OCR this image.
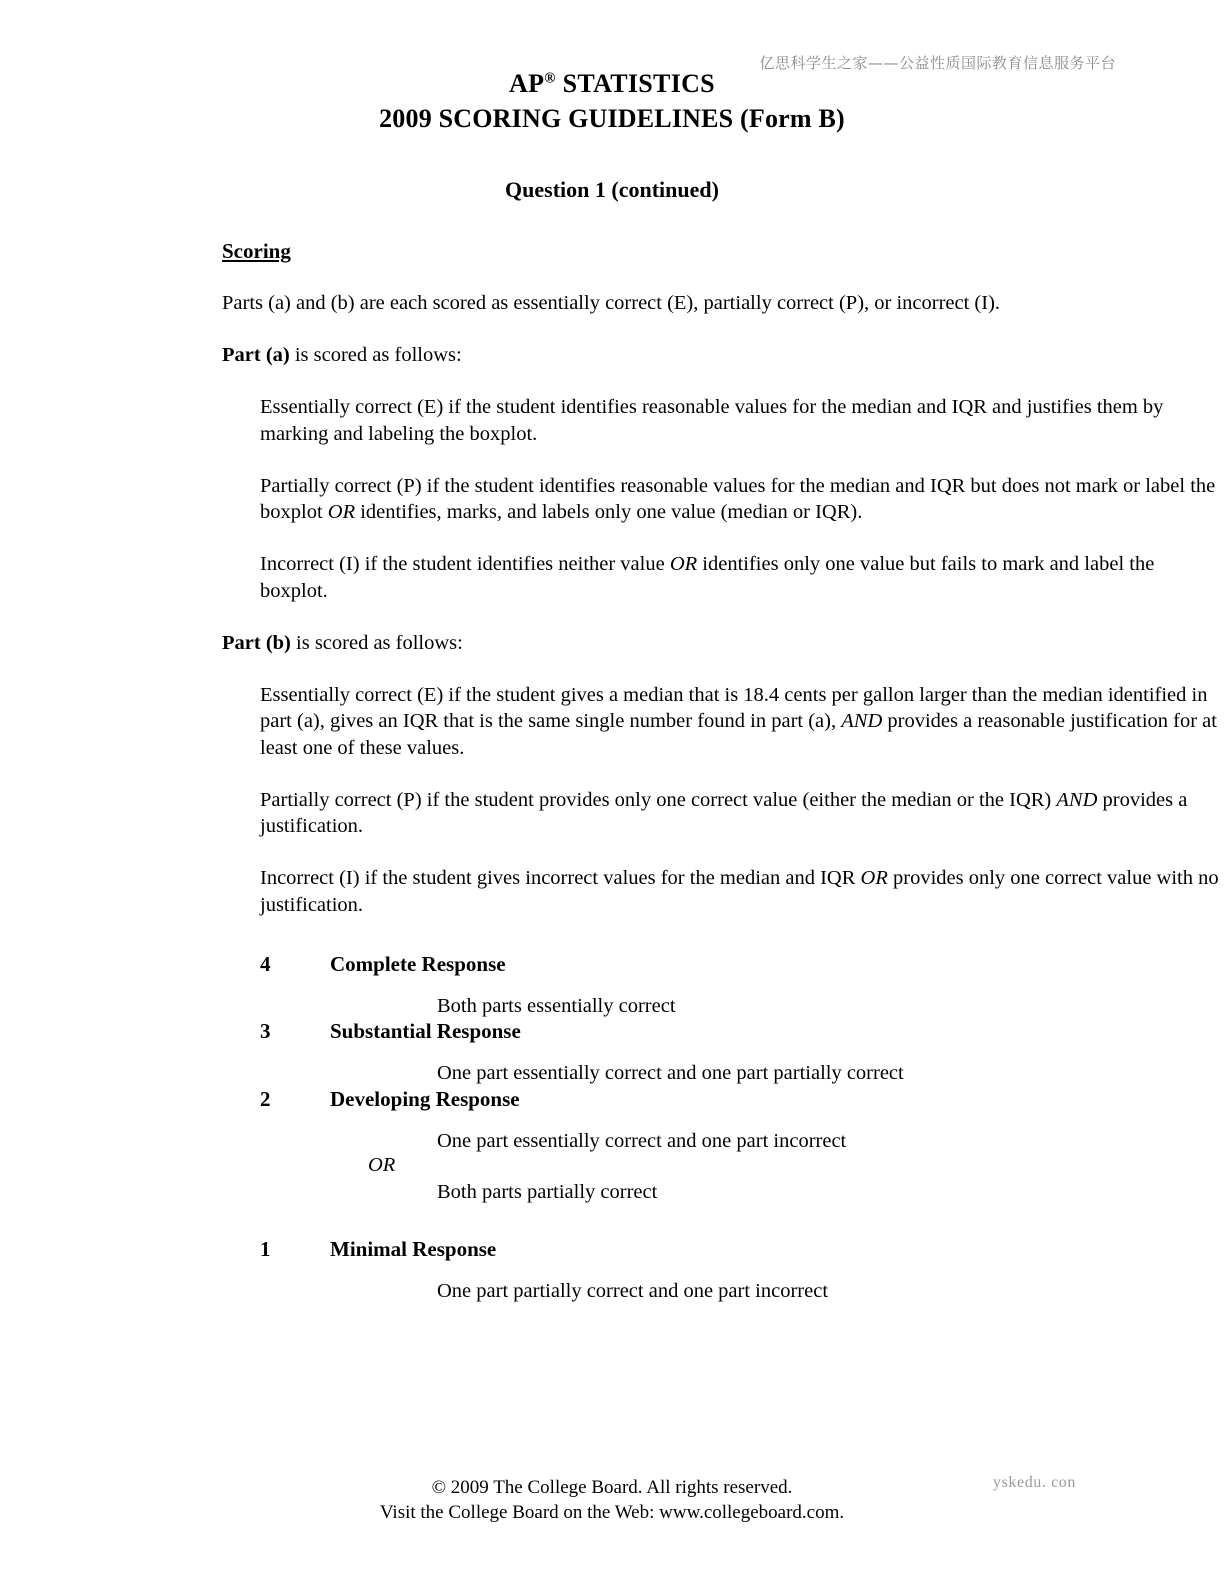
亿思科学生之家——公益性质国际教育信息服务平台
AP® STATISTICS
2009 SCORING GUIDELINES (Form B)
Question 1 (continued)
Scoring
Parts (a) and (b) are each scored as essentially correct (E), partially correct (P), or incorrect (I).
Part (a) is scored as follows:
Essentially correct (E) if the student identifies reasonable values for the median and IQR and justifies them by marking and labeling the boxplot.
Partially correct (P) if the student identifies reasonable values for the median and IQR but does not mark or label the boxplot OR identifies, marks, and labels only one value (median or IQR).
Incorrect (I) if the student identifies neither value OR identifies only one value but fails to mark and label the boxplot.
Part (b) is scored as follows:
Essentially correct (E) if the student gives a median that is 18.4 cents per gallon larger than the median identified in part (a), gives an IQR that is the same single number found in part (a), AND provides a reasonable justification for at least one of these values.
Partially correct (P) if the student provides only one correct value (either the median or the IQR) AND provides a justification.
Incorrect (I) if the student gives incorrect values for the median and IQR OR provides only one correct value with no justification.
4	Complete Response
Both parts essentially correct
3	Substantial Response
One part essentially correct and one part partially correct
2	Developing Response
OR
One part essentially correct and one part incorrect
Both parts partially correct
1	Minimal Response
One part partially correct and one part incorrect
yskedu. con
© 2009 The College Board. All rights reserved.
Visit the College Board on the Web: www.collegeboard.com.
